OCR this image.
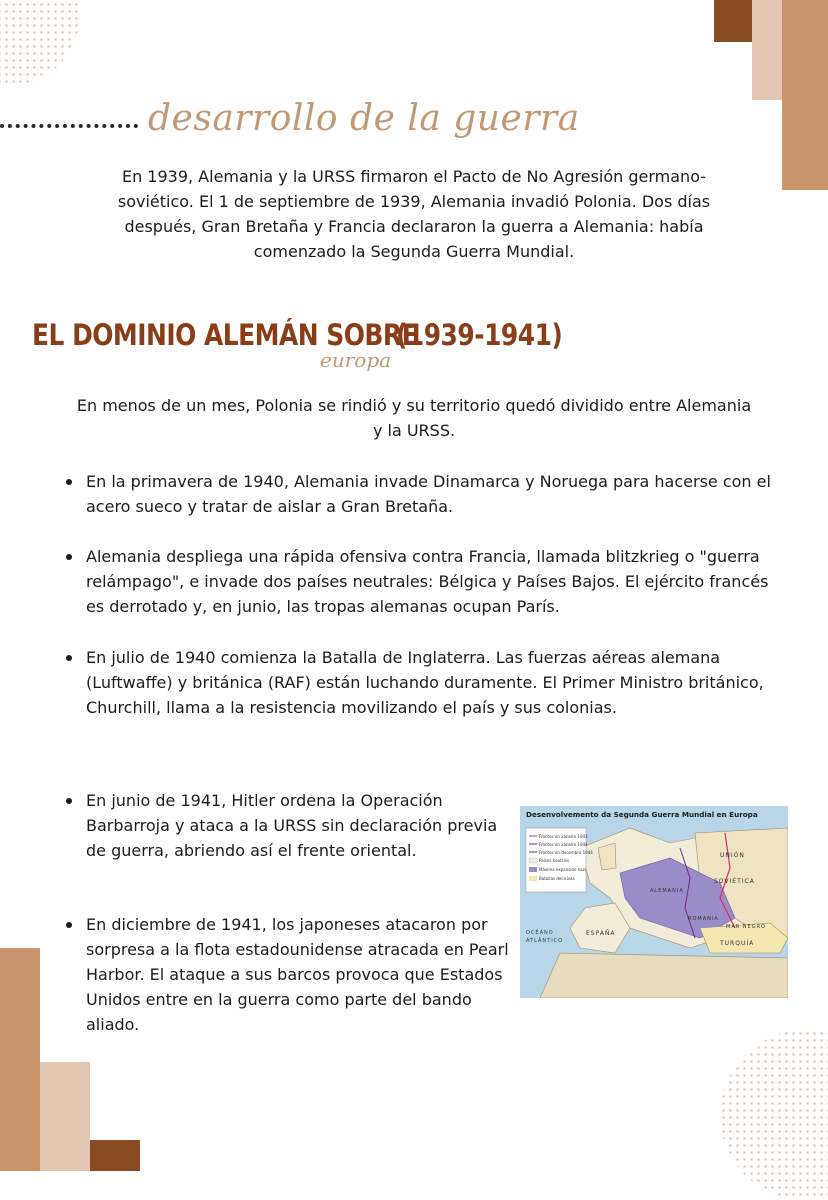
desarrollo de la guerra
En 1939, Alemania y la URSS firmaron el Pacto de No Agresión germano-soviético. El 1 de septiembre de 1939, Alemania invadió Polonia. Dos días después, Gran Bretaña y Francia declararon la guerra a Alemania: había comenzado la Segunda Guerra Mundial.
EL DOMINIO ALEMÁN SOBRE
(1939-1941)
europa
En menos de un mes, Polonia se rindió y su territorio quedó dividido entre Alemania y la URSS.
En la primavera de 1940, Alemania invade Dinamarca y Noruega para hacerse con el acero sueco y tratar de aislar a Gran Bretaña.
Alemania despliega una rápida ofensiva contra Francia, llamada blitzkrieg o "guerra relámpago", e invade dos países neutrales: Bélgica y Países Bajos. El ejército francés es derrotado y, en junio, las tropas alemanas ocupan París.
En julio de 1940 comienza la Batalla de Inglaterra. Las fuerzas aéreas alemana (Luftwaffe) y británica (RAF) están luchando duramente. El Primer Ministro británico, Churchill, llama a la resistencia movilizando el país y sus colonias.
En junio de 1941, Hitler ordena la Operación Barbarroja y ataca a la URSS sin declaración previa de guerra, abriendo así el frente oriental.
En diciembre de 1941, los japoneses atacaron por sorpresa a la flota estadounidense atracada en Pearl Harbor. El ataque a sus barcos provoca que Estados Unidos entre en la guerra como parte del bando aliado.
Desenvolvemento da Segunda Guerra Mundial en Europa
Frontes en xaneiro 1943
Frontes en xaneiro 1944
Frontes en decembro 1944
Países neutrais
Máxima expansión nazi
Batallas decisivas
UNIÓN
SOVIÉTICA
ALEMANIA
ROMANIA
ESPAÑA
OCÉANO
ATLÁNTICO	TURQUÍA
MAR NEGRO
